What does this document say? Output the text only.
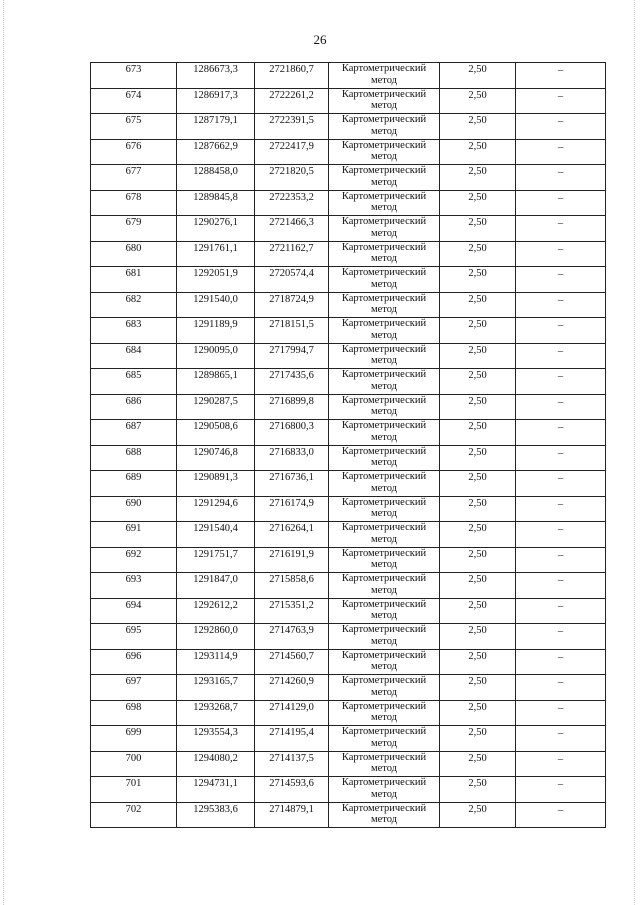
26
673	1286673,3	2721860,7	Картометрический метод	2,50	–

674	1286917,3	2722261,2	Картометрический метод	2,50	–

675	1287179,1	2722391,5	Картометрический метод	2,50	–

676	1287662,9	2722417,9	Картометрический метод	2,50	–

677	1288458,0	2721820,5	Картометрический метод	2,50	–

678	1289845,8	2722353,2	Картометрический метод	2,50	–

679	1290276,1	2721466,3	Картометрический метод	2,50	–

680	1291761,1	2721162,7	Картометрический метод	2,50	–

681	1292051,9	2720574,4	Картометрический метод	2,50	–

682	1291540,0	2718724,9	Картометрический метод	2,50	–

683	1291189,9	2718151,5	Картометрический метод	2,50	–

684	1290095,0	2717994,7	Картометрический метод	2,50	–

685	1289865,1	2717435,6	Картометрический метод	2,50	–

686	1290287,5	2716899,8	Картометрический метод	2,50	–

687	1290508,6	2716800,3	Картометрический метод	2,50	–

688	1290746,8	2716833,0	Картометрический метод	2,50	–

689	1290891,3	2716736,1	Картометрический метод	2,50	–

690	1291294,6	2716174,9	Картометрический метод	2,50	–

691	1291540,4	2716264,1	Картометрический метод	2,50	–

692	1291751,7	2716191,9	Картометрический метод	2,50	–

693	1291847,0	2715858,6	Картометрический метод	2,50	–

694	1292612,2	2715351,2	Картометрический метод	2,50	–

695	1292860,0	2714763,9	Картометрический метод	2,50	–

696	1293114,9	2714560,7	Картометрический метод	2,50	–

697	1293165,7	2714260,9	Картометрический метод	2,50	–

698	1293268,7	2714129,0	Картометрический метод	2,50	–

699	1293554,3	2714195,4	Картометрический метод	2,50	–

700	1294080,2	2714137,5	Картометрический метод	2,50	–

701	1294731,1	2714593,6	Картометрический метод	2,50	–

702	1295383,6	2714879,1	Картометрический метод	2,50	–
